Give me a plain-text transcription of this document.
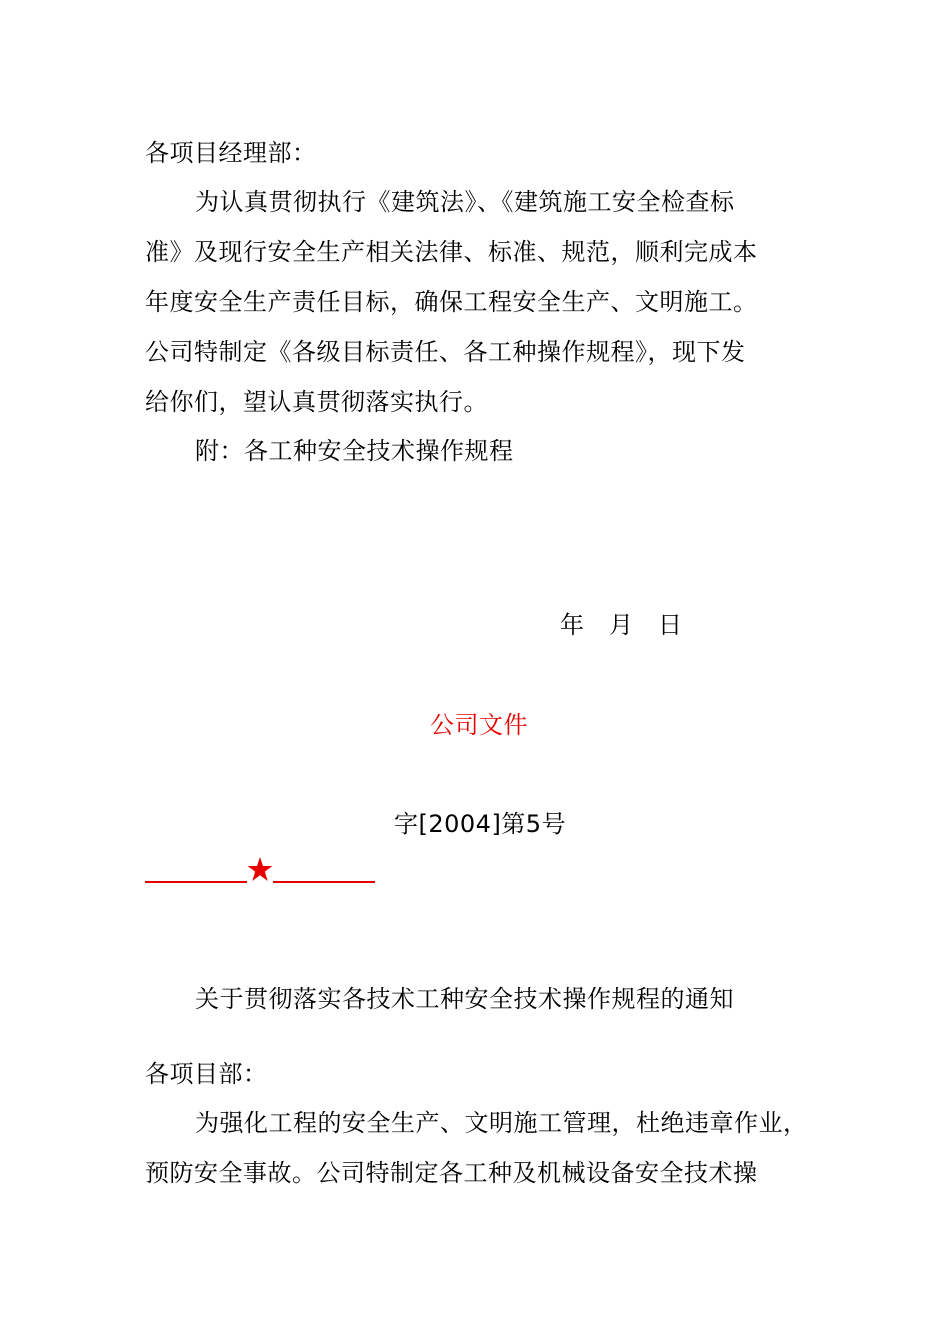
各项目经理部：
为认真贯彻执行《建筑法》、《建筑施工安全检查标
准》及现行安全生产相关法律、标准、规范，顺利完成本
年度安全生产责任目标，确保工程安全生产、文明施工。
公司特制定《各级目标责任、各工种操作规程》，现下发
给你们，望认真贯彻落实执行。
附：各工种安全技术操作规程
年　月　日
公司文件
字[2004]第5号
关于贯彻落实各技术工种安全技术操作规程的通知
各项目部：
为强化工程的安全生产、文明施工管理，杜绝违章作业，
预防安全事故。公司特制定各工种及机械设备安全技术操
